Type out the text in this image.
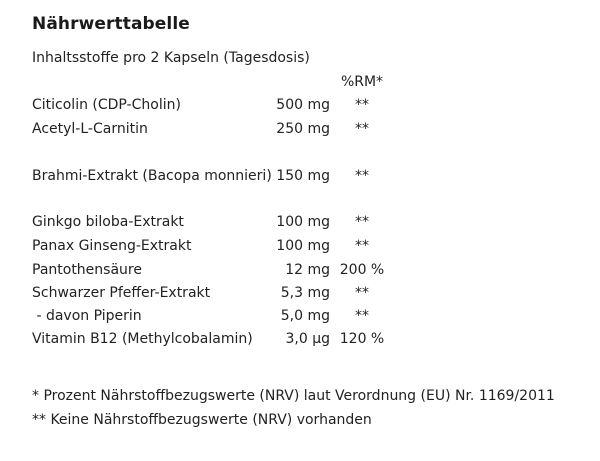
Nährwerttabelle
Inhaltsstoffe pro 2 Kapseln (Tagesdosis)
%RM*
Citicolin (CDP-Cholin)	500 mg	**
Acetyl-L-Carnitin	250 mg	**
Brahmi-Extrakt (Bacopa monnieri) 150 mg	**
Ginkgo biloba-Extrakt	100 mg	**
Panax Ginseng-Extrakt	100 mg	**
Pantothensäure	12 mg 200 %
Schwarzer Pfeffer-Extrakt	5,3 mg	**
- davon Piperin	5,0 mg	**
Vitamin B12 (Methylcobalamin) 3,0 µg 120 %
* Prozent Nährstoffbezugswerte (NRV) laut Verordnung (EU) Nr. 1169/2011
** Keine Nährstoffbezugswerte (NRV) vorhanden
